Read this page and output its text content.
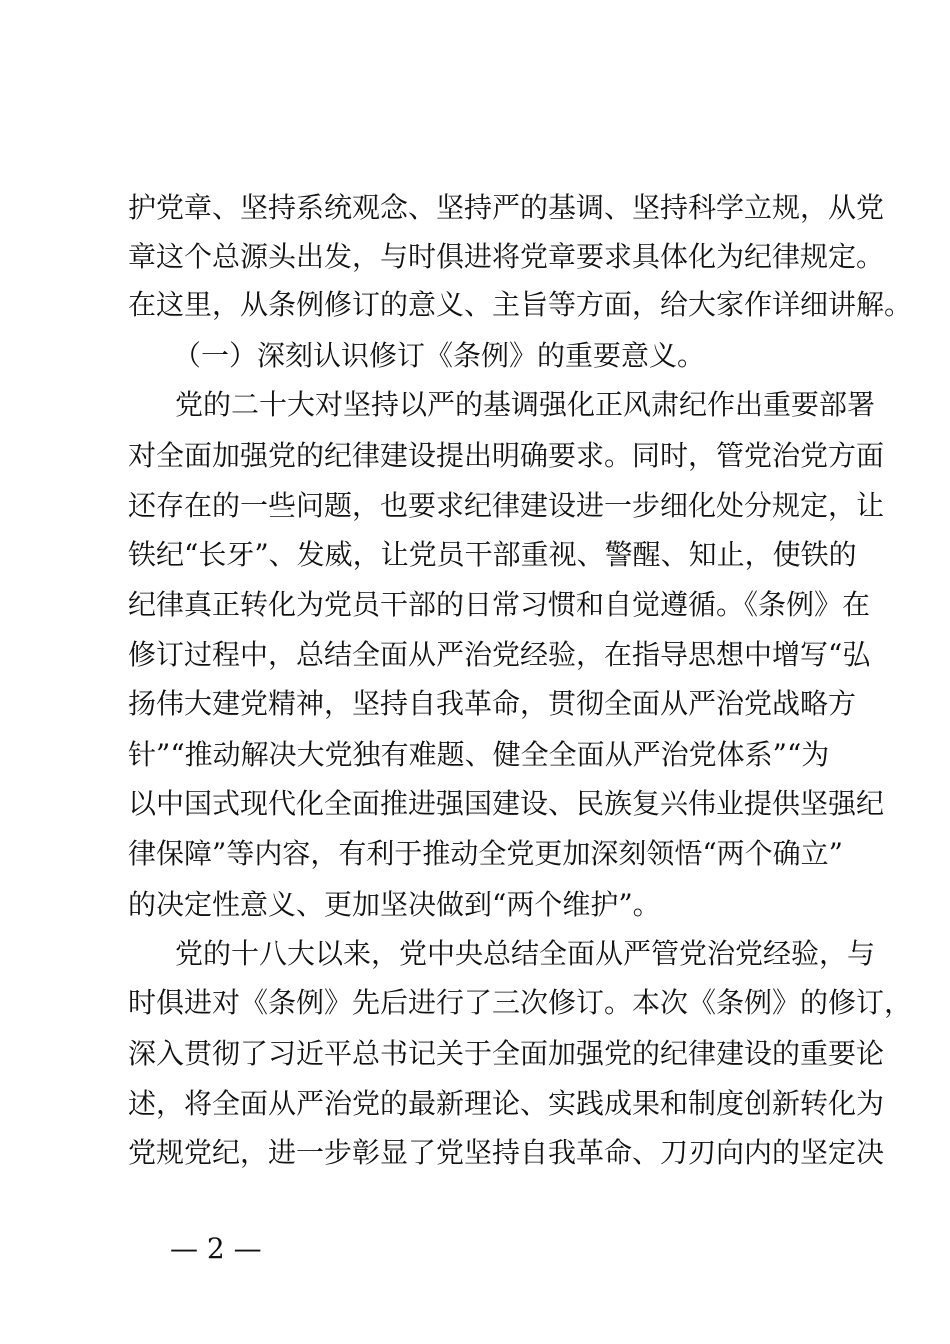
护党章、坚持系统观念、坚持严的基调、坚持科学立规，从党
章这个总源头出发，与时俱进将党章要求具体化为纪律规定。
在这里，从条例修订的意义、主旨等方面，给大家作详细讲解。
（一）深刻认识修订《条例》的重要意义。
党的二十大对坚持以严的基调强化正风肃纪作出重要部署
对全面加强党的纪律建设提出明确要求。同时，管党治党方面
还存在的一些问题，也要求纪律建设进一步细化处分规定，让
铁纪“长牙”、发威，让党员干部重视、警醒、知止，使铁的
纪律真正转化为党员干部的日常习惯和自觉遵循。《条例》在
修订过程中，总结全面从严治党经验，在指导思想中增写“弘
扬伟大建党精神，坚持自我革命，贯彻全面从严治党战略方
针”“推动解决大党独有难题、健全全面从严治党体系”“为
以中国式现代化全面推进强国建设、民族复兴伟业提供坚强纪
律保障”等内容，有利于推动全党更加深刻领悟“两个确立”
的决定性意义、更加坚决做到“两个维护”。
党的十八大以来，党中央总结全面从严管党治党经验，与
时俱进对《条例》先后进行了三次修订。本次《条例》的修订，
深入贯彻了习近平总书记关于全面加强党的纪律建设的重要论
述，将全面从严治党的最新理论、实践成果和制度创新转化为
党规党纪，进一步彰显了党坚持自我革命、刀刃向内的坚定决
— 2 —
